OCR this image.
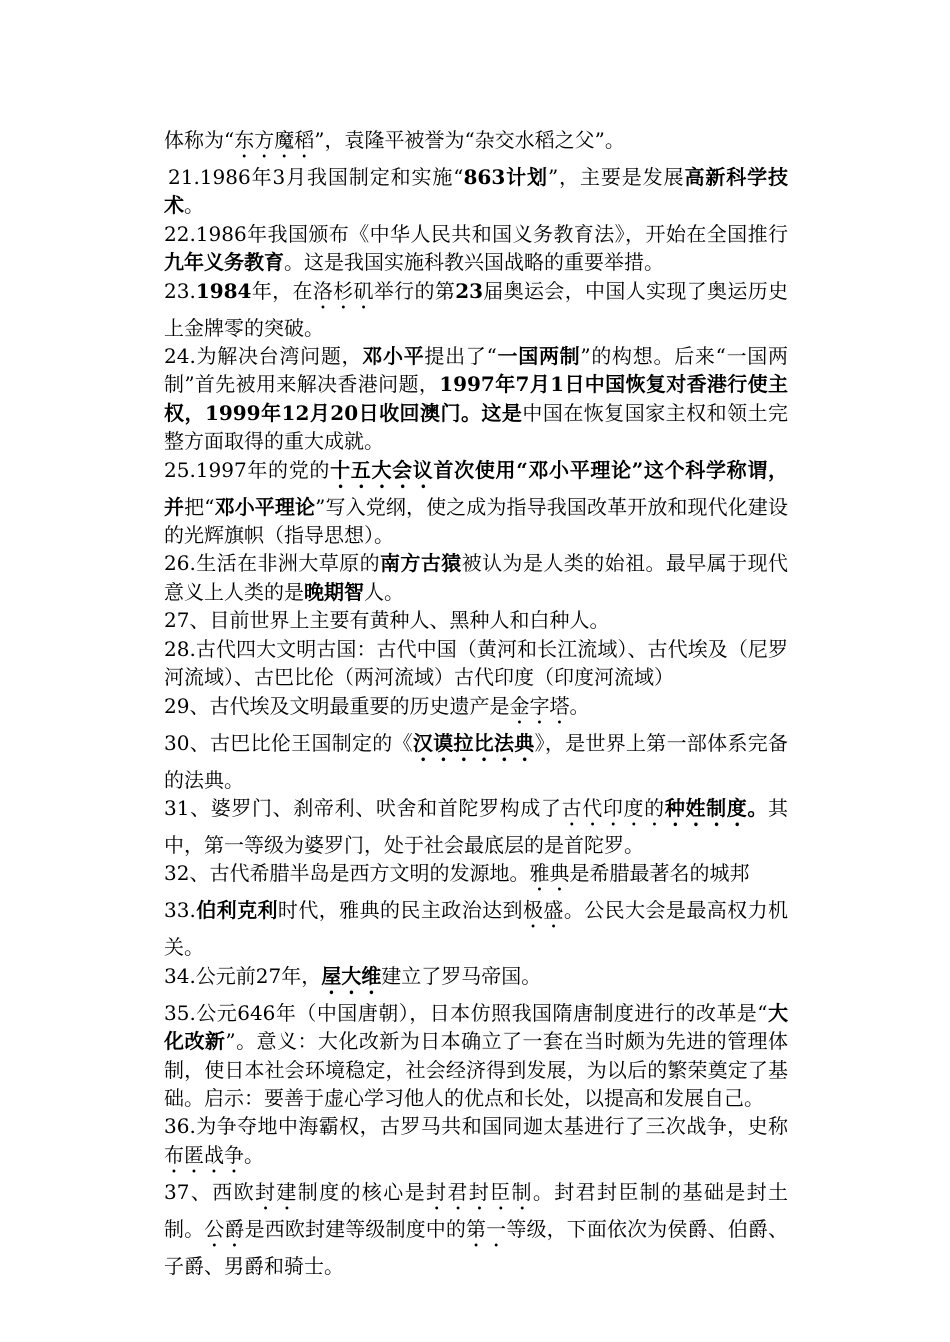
体称为“东方魔稻”，袁隆平被誉为“杂交水稻之父”。

21.1986年3月我国制定和实施“863计划”，主要是发展高新科学技术。

22.1986年我国颁布《中华人民共和国义务教育法》，开始在全国推行九年义务教育。这是我国实施科教兴国战略的重要举措。

23.1984年，在洛杉矶举行的第23届奥运会，中国人实现了奥运历史上金牌零的突破。

24.为解决台湾问题，邓小平提出了“一国两制”的构想。后来“一国两制”首先被用来解决香港问题，1997年7月1日中国恢复对香港行使主权，1999年12月20日收回澳门。这是中国在恢复国家主权和领土完整方面取得的重大成就。

25.1997年的党的十五大会议首次使用“邓小平理论”这个科学称谓，并把“邓小平理论”写入党纲，使之成为指导我国改革开放和现代化建设的光辉旗帜（指导思想）。

26.生活在非洲大草原的南方古猿被认为是人类的始祖。最早属于现代意义上人类的是晚期智人。

27、目前世界上主要有黄种人、黑种人和白种人。

28.古代四大文明古国：古代中国（黄河和长江流域）、古代埃及（尼罗河流域）、古巴比伦（两河流域）古代印度（印度河流域）

29、古代埃及文明最重要的历史遗产是金字塔。

30、古巴比伦王国制定的《汉谟拉比法典》，是世界上第一部体系完备的法典。

31、婆罗门、刹帝利、吠舍和首陀罗构成了古代印度的种姓制度。其中，第一等级为婆罗门，处于社会最底层的是首陀罗。

32、古代希腊半岛是西方文明的发源地。雅典是希腊最著名的城邦

33.伯利克利时代，雅典的民主政治达到极盛。公民大会是最高权力机关。

34.公元前27年，屋大维建立了罗马帝国。

35.公元646年（中国唐朝），日本仿照我国隋唐制度进行的改革是“大化改新”。意义：大化改新为日本确立了一套在当时颇为先进的管理体制，使日本社会环境稳定，社会经济得到发展，为以后的繁荣奠定了基础。启示：要善于虚心学习他人的优点和长处，以提高和发展自己。

36.为争夺地中海霸权，古罗马共和国同迦太基进行了三次战争，史称布匿战争。

37、西欧封建制度的核心是封君封臣制。封君封臣制的基础是封土制。公爵是西欧封建等级制度中的第一等级，下面依次为侯爵、伯爵、子爵、男爵和骑士。
